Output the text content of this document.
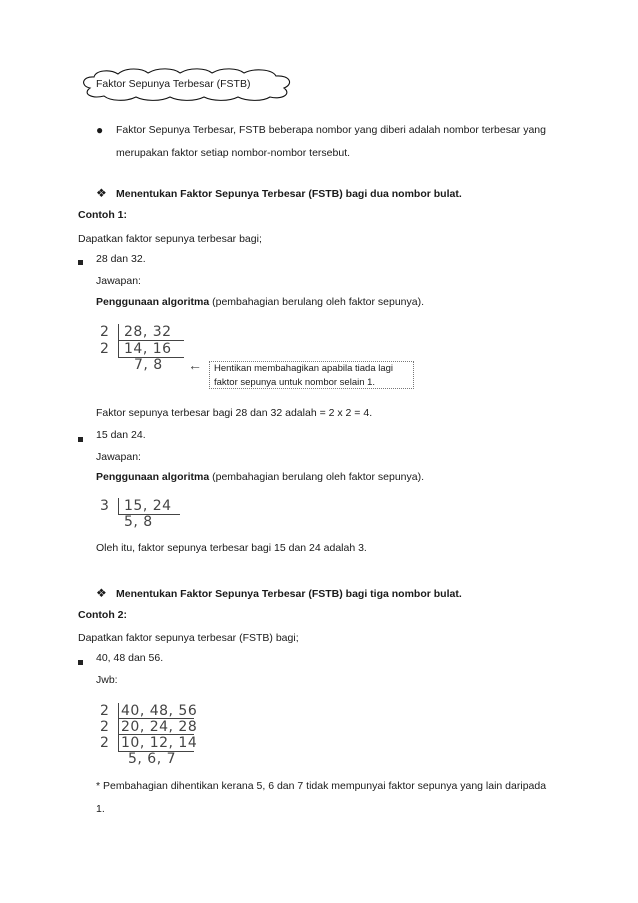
Faktor Sepunya Terbesar (FSTB)
● Faktor Sepunya Terbesar, FSTB beberapa nombor yang diberi adalah nombor terbesar yang
merupakan faktor setiap nombor-nombor tersebut.
❖ Menentukan Faktor Sepunya Terbesar (FSTB) bagi dua nombor bulat.
Contoh 1:
Dapatkan faktor sepunya terbesar bagi;
28 dan 32.
Jawapan:
Penggunaan algoritma (pembahagian berulang oleh faktor sepunya).
2
2
28, 32
14, 16
7, 8 ← Hentikan membahagikan apabila tiada lagi
faktor sepunya untuk nombor selain 1.
Faktor sepunya terbesar bagi 28 dan 32 adalah = 2 x 2 = 4.
15 dan 24.
Jawapan:
Penggunaan algoritma (pembahagian berulang oleh faktor sepunya).
3 15, 24
5, 8
Oleh itu, faktor sepunya terbesar bagi 15 dan 24 adalah 3.
❖ Menentukan Faktor Sepunya Terbesar (FSTB) bagi tiga nombor bulat.
Contoh 2:
Dapatkan faktor sepunya terbesar (FSTB) bagi;
40, 48 dan 56.
Jwb:
2
2
2
40, 48, 56
20, 24, 28
10, 12, 14
5, 6, 7
* Pembahagian dihentikan kerana 5, 6 dan 7 tidak mempunyai faktor sepunya yang lain daripada
1.
